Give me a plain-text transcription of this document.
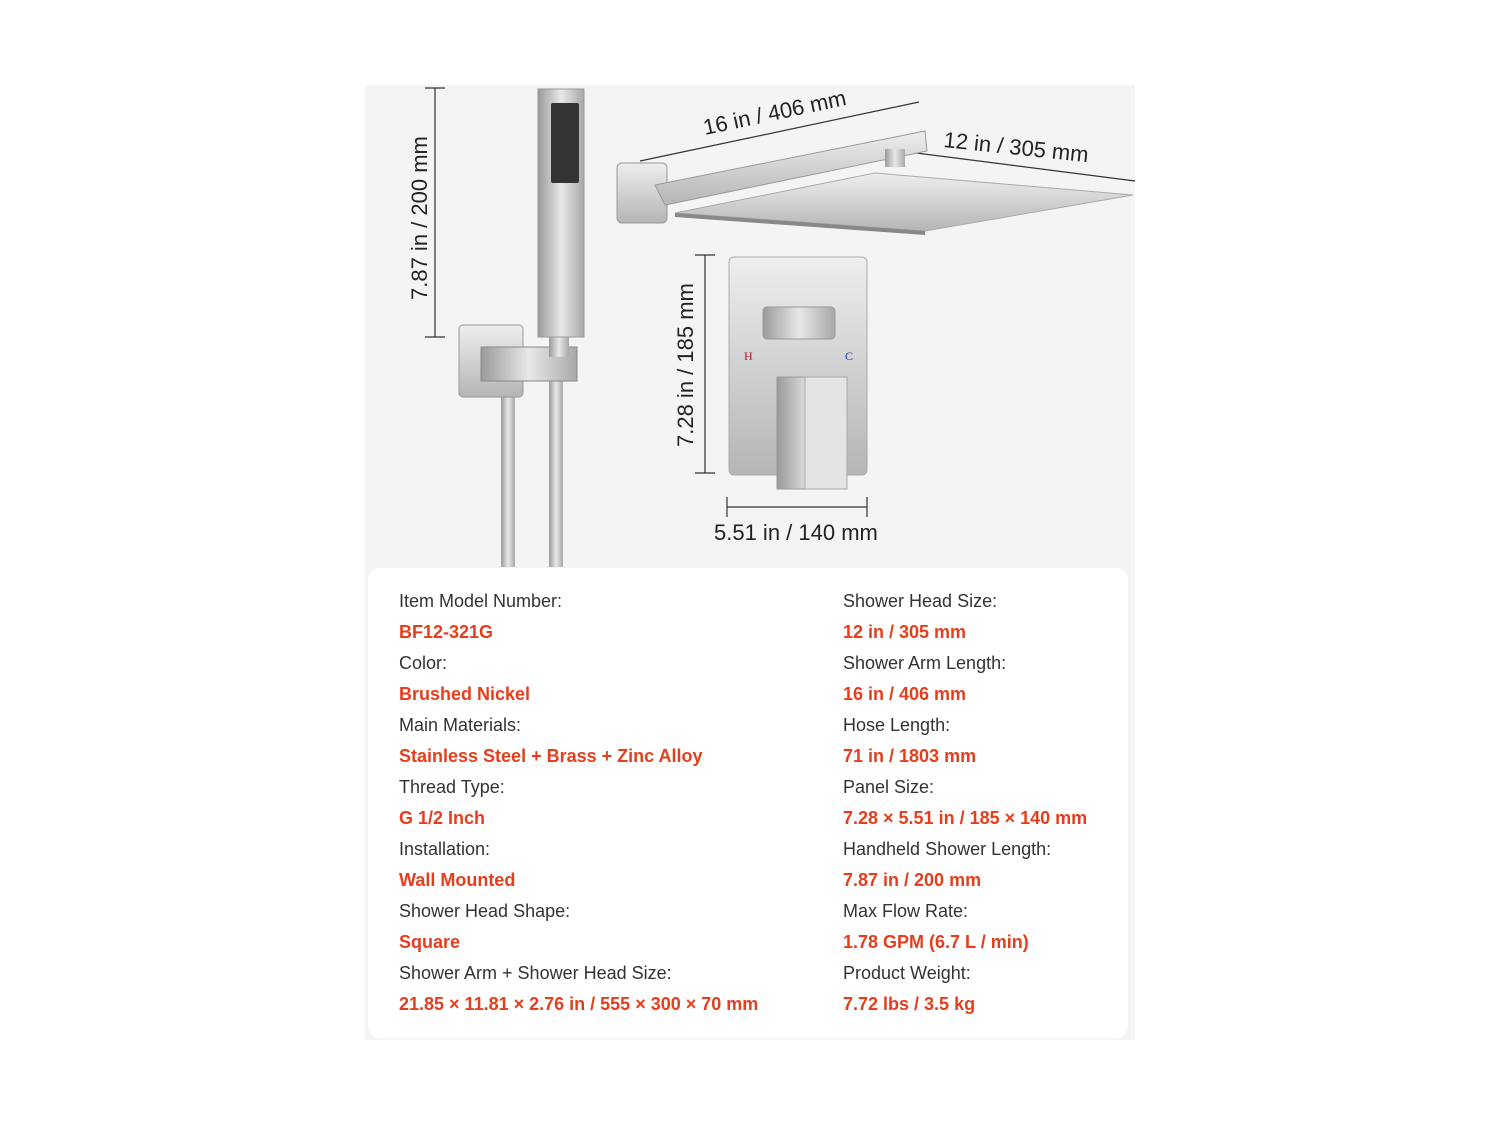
7.87 in / 200 mm
16 in / 406 mm
12 in / 305 mm
7.28 in / 185 mm	H	C
5.51 in / 140 mm
Item Model Number:
BF12-321G
Color:
Brushed Nickel
Main Materials:
Stainless Steel + Brass + Zinc Alloy
Thread Type:
G 1/2 Inch
Installation:
Wall Mounted
Shower Head Shape:
Square
Shower Arm + Shower Head Size:
21.85 × 11.81 × 2.76 in / 555 × 300 × 70 mm
Shower Head Size:
12 in / 305 mm
Shower Arm Length:
16 in / 406 mm
Hose Length:
71 in / 1803 mm
Panel Size:
7.28 × 5.51 in / 185 × 140 mm
Handheld Shower Length:
7.87 in / 200 mm
Max Flow Rate:
1.78 GPM (6.7 L / min)
Product Weight:
7.72 lbs / 3.5 kg
